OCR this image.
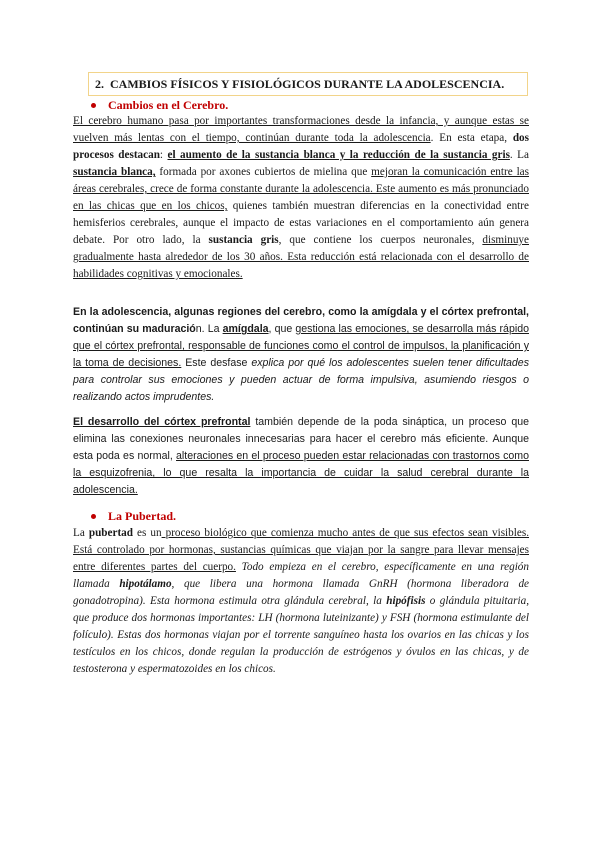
2.  CAMBIOS FÍSICOS Y FISIOLÓGICOS DURANTE LA ADOLESCENCIA.
Cambios en el Cerebro.

El cerebro humano pasa por importantes transformaciones desde la infancia, y aunque estas se vuelven más lentas con el tiempo, continúan durante toda la adolescencia. En esta etapa, dos procesos destacan: el aumento de la sustancia blanca y la reducción de la sustancia gris. La sustancia blanca, formada por axones cubiertos de mielina que mejoran la comunicación entre las áreas cerebrales, crece de forma constante durante la adolescencia. Este aumento es más pronunciado en las chicas que en los chicos, quienes también muestran diferencias en la conectividad entre hemisferios cerebrales, aunque el impacto de estas variaciones en el comportamiento aún genera debate. Por otro lado, la sustancia gris, que contiene los cuerpos neuronales, disminuye gradualmente hasta alrededor de los 30 años. Esta reducción está relacionada con el desarrollo de habilidades cognitivas y emocionales.

En la adolescencia, algunas regiones del cerebro, como la amígdala y el córtex prefrontal, continúan su maduración. La amígdala, que gestiona las emociones, se desarrolla más rápido que el córtex prefrontal, responsable de funciones como el control de impulsos, la planificación y la toma de decisiones. Este desfase explica por qué los adolescentes suelen tener dificultades para controlar sus emociones y pueden actuar de forma impulsiva, asumiendo riesgos o realizando actos imprudentes.

El desarrollo del córtex prefrontal también depende de la poda sináptica, un proceso que elimina las conexiones neuronales innecesarias para hacer el cerebro más eficiente. Aunque esta poda es normal, alteraciones en el proceso pueden estar relacionadas con trastornos como la esquizofrenia, lo que resalta la importancia de cuidar la salud cerebral durante la adolescencia.

La Pubertad.

La pubertad es un proceso biológico que comienza mucho antes de que sus efectos sean visibles. Está controlado por hormonas, sustancias químicas que viajan por la sangre para llevar mensajes entre diferentes partes del cuerpo. Todo empieza en el cerebro, específicamente en una región llamada hipotálamo, que libera una hormona llamada GnRH (hormona liberadora de gonadotropina). Esta hormona estimula otra glándula cerebral, la hipófisis o glándula pituitaria, que produce dos hormonas importantes: LH (hormona luteinizante) y FSH (hormona estimulante del folículo). Estas dos hormonas viajan por el torrente sanguíneo hasta los ovarios en las chicas y los testículos en los chicos, donde regulan la producción de estrógenos y óvulos en las chicas, y de testosterona y espermatozoides en los chicos.
